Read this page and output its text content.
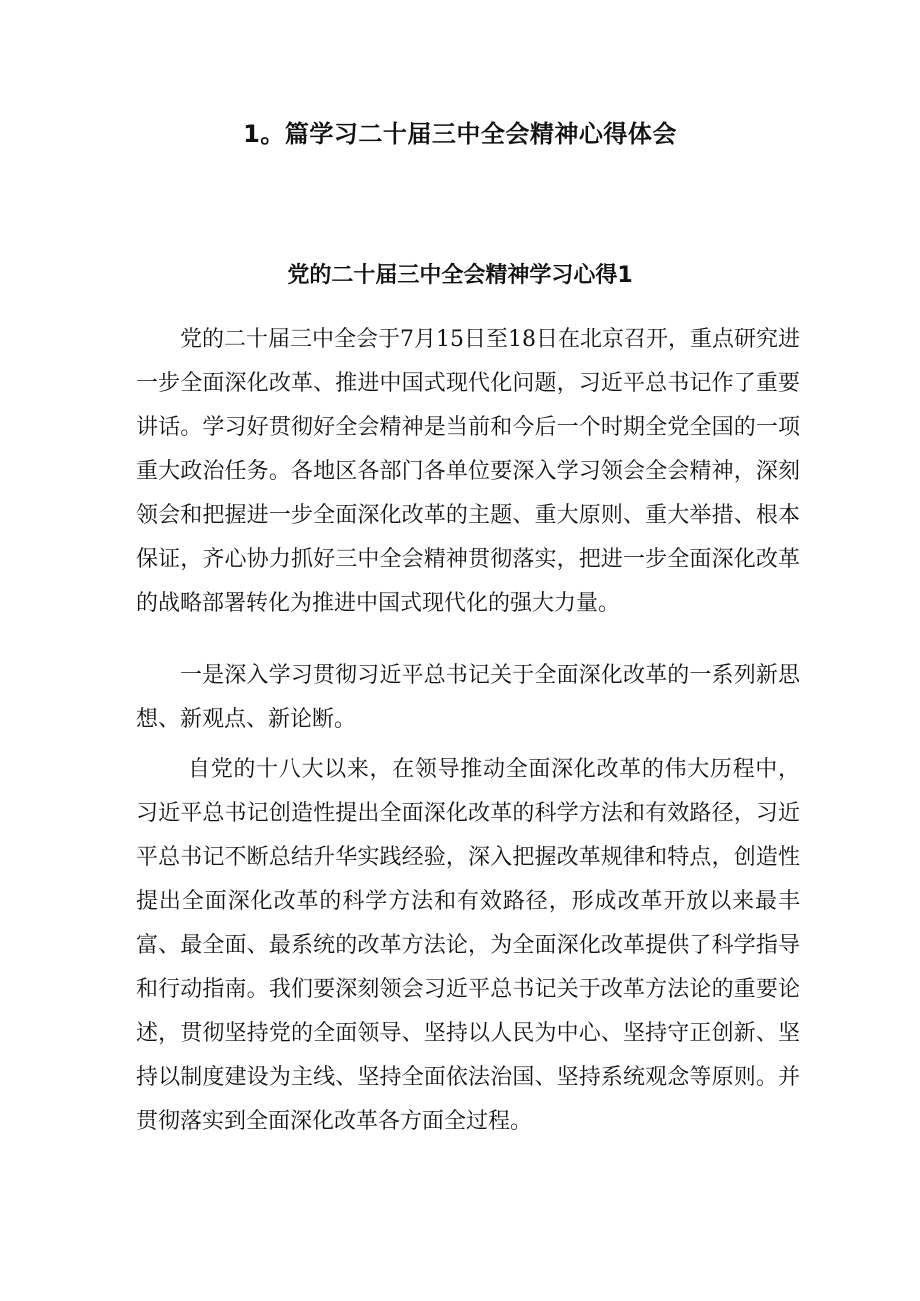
1。篇学习二十届三中全会精神心得体会
党的二十届三中全会精神学习心得1

党的二十届三中全会于7月15日至18日在北京召开，重点研究进一步全面深化改革、推进中国式现代化问题，习近平总书记作了重要讲话。学习好贯彻好全会精神是当前和今后一个时期全党全国的一项重大政治任务。各地区各部门各单位要深入学习领会全会精神，深刻领会和把握进一步全面深化改革的主题、重大原则、重大举措、根本保证，齐心协力抓好三中全会精神贯彻落实，把进一步全面深化改革的战略部署转化为推进中国式现代化的强大力量。

一是深入学习贯彻习近平总书记关于全面深化改革的一系列新思想、新观点、新论断。

自党的十八大以来，在领导推动全面深化改革的伟大历程中，习近平总书记创造性提出全面深化改革的科学方法和有效路径，习近平总书记不断总结升华实践经验，深入把握改革规律和特点，创造性提出全面深化改革的科学方法和有效路径，形成改革开放以来最丰富、最全面、最系统的改革方法论，为全面深化改革提供了科学指导和行动指南。我们要深刻领会习近平总书记关于改革方法论的重要论述，贯彻坚持党的全面领导、坚持以人民为中心、坚持守正创新、坚持以制度建设为主线、坚持全面依法治国、坚持系统观念等原则。并贯彻落实到全面深化改革各方面全过程。
